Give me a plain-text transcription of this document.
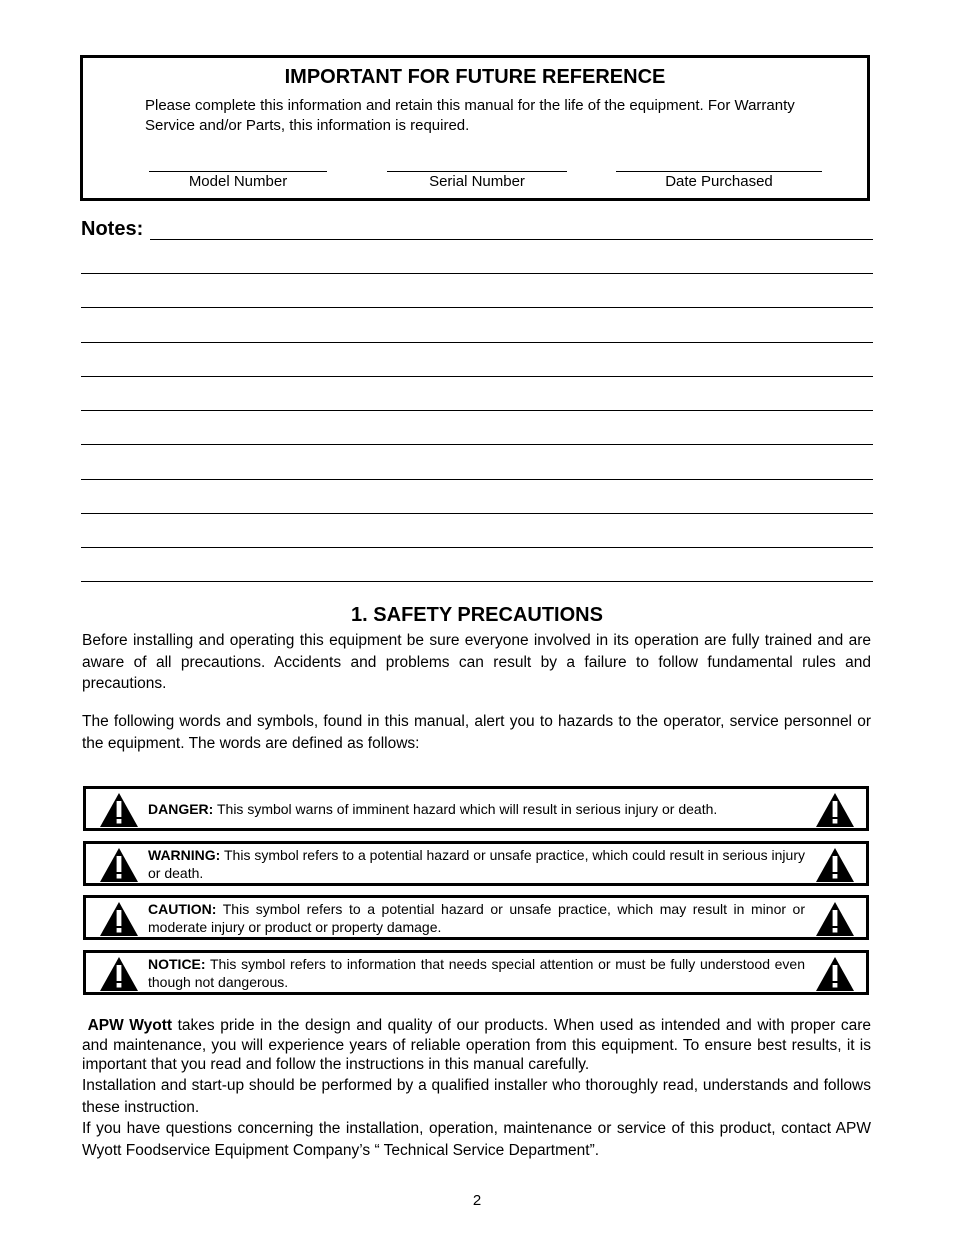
IMPORTANT FOR FUTURE REFERENCE
Please complete this information and retain this manual for the life of the equipment. For Warranty Service and/or Parts, this information is required.
Model Number	Serial Number	Date Purchased
Notes:
1. SAFETY PRECAUTIONS
Before installing and operating this equipment be sure everyone involved in its operation are fully trained and are aware of all precautions. Accidents and problems can result by a failure to follow fundamental rules and precautions.
The following words and symbols, found in this manual, alert you to hazards to the operator, service personnel or the equipment. The words are defined as follows:
DANGER: This symbol warns of imminent hazard which will result in serious injury or death.
WARNING: This symbol refers to a potential hazard or unsafe practice, which could result in serious injury or death.
CAUTION: This symbol refers to a potential hazard or unsafe practice, which may result in minor or moderate injury or product or property damage.
NOTICE: This symbol refers to information that needs special attention or must be fully understood even though not dangerous.
APW Wyott takes pride in the design and quality of our products. When used as intended and with proper care and maintenance, you will experience years of reliable operation from this equipment. To ensure best results, it is important that you read and follow the instructions in this manual carefully.
Installation and start-up should be performed by a qualified installer who thoroughly read, understands and follows these instruction.
If you have questions concerning the installation, operation, maintenance or service of this product, contact APW Wyott Foodservice Equipment Company’s “ Technical Service Department”.
2
